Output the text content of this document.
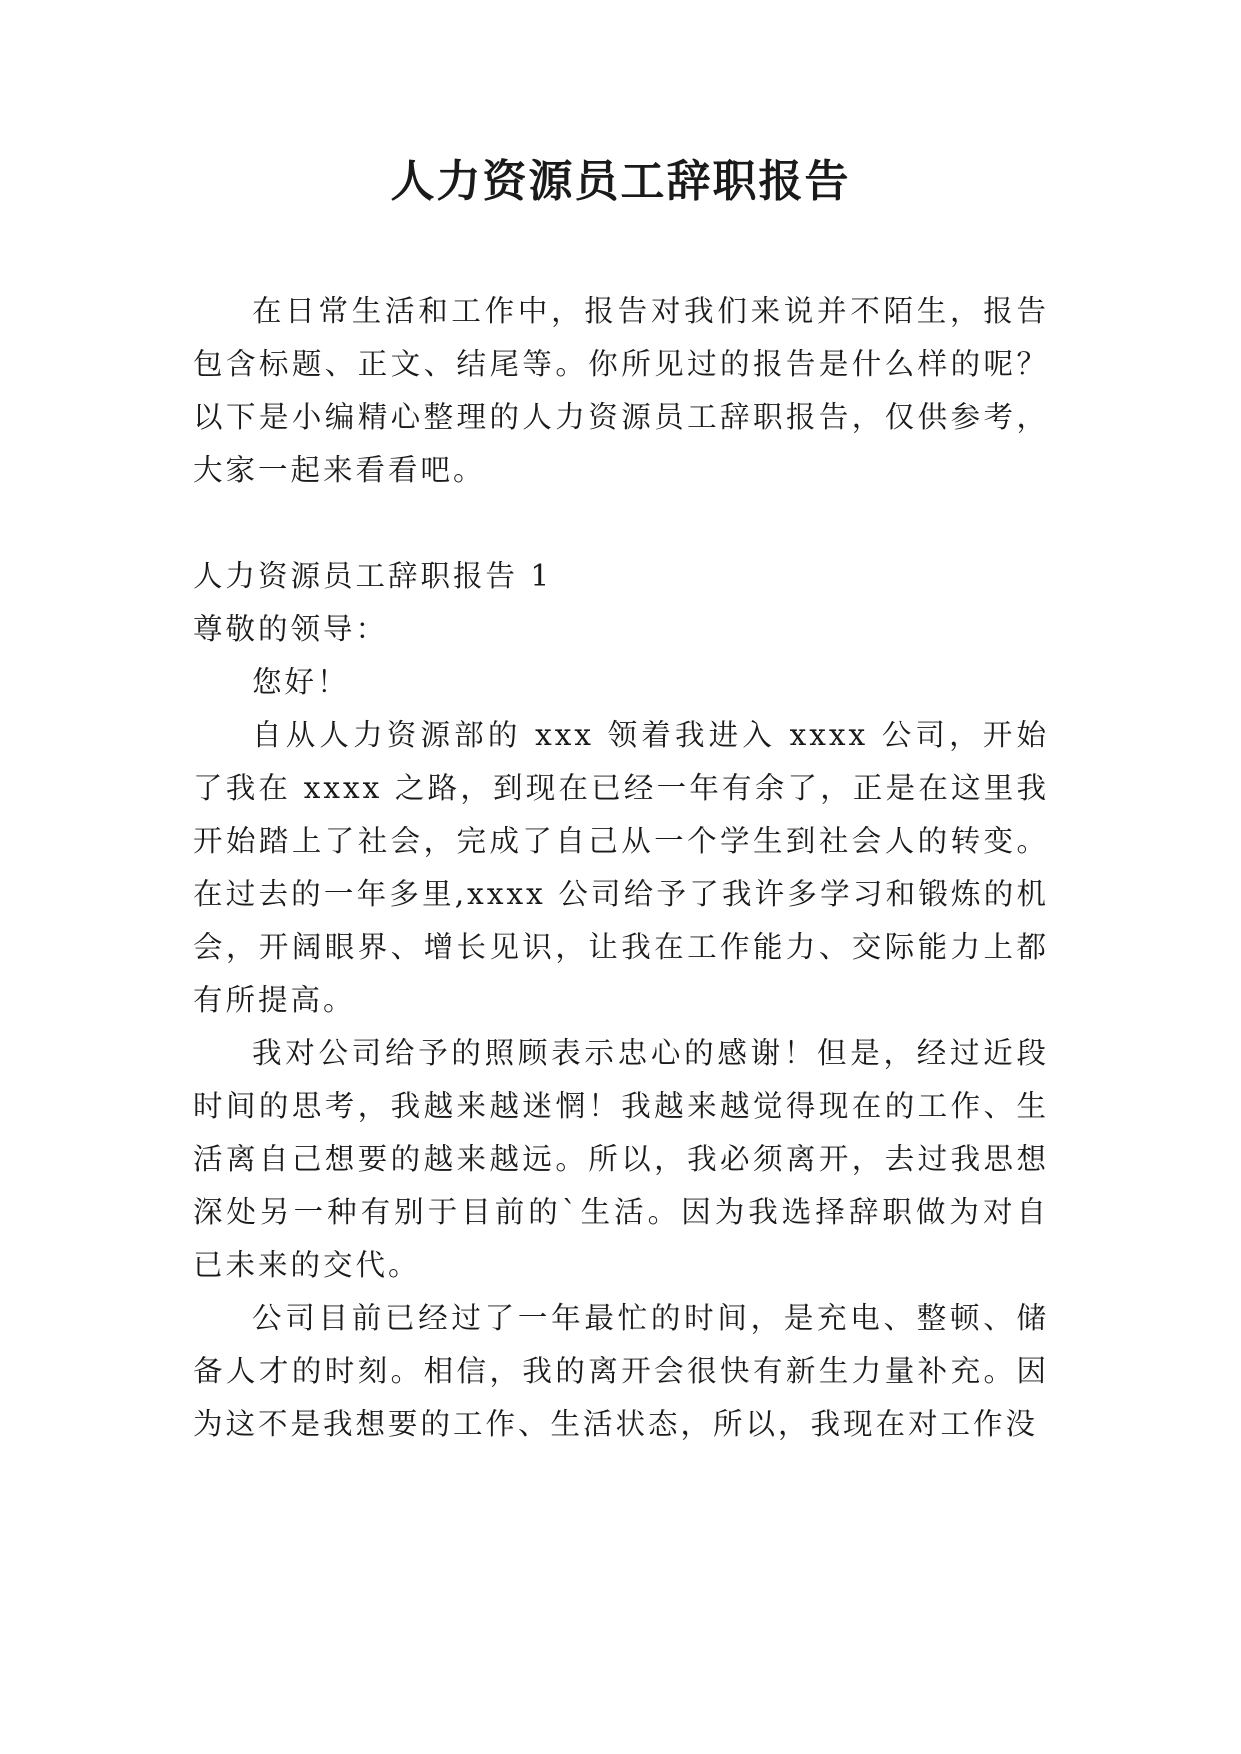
人力资源员工辞职报告

在日常生活和工作中，报告对我们来说并不陌生，报告包含标题、正文、结尾等。你所见过的报告是什么样的呢？以下是小编精心整理的人力资源员工辞职报告，仅供参考，大家一起来看看吧。

人力资源员工辞职报告 1

尊敬的领导：

您好！

自从人力资源部的 xxx 领着我进入 xxxx 公司，开始了我在 xxxx 之路，到现在已经一年有余了，正是在这里我开始踏上了社会，完成了自己从一个学生到社会人的转变。在过去的一年多里,xxxx 公司给予了我许多学习和锻炼的机会，开阔眼界、增长见识，让我在工作能力、交际能力上都有所提高。

我对公司给予的照顾表示忠心的感谢！但是，经过近段时间的思考，我越来越迷惘！我越来越觉得现在的工作、生活离自己想要的越来越远。所以，我必须离开，去过我思想深处另一种有别于目前的`生活。因为我选择辞职做为对自已未来的交代。

公司目前已经过了一年最忙的时间，是充电、整顿、储备人才的时刻。相信，我的离开会很快有新生力量补充。因为这不是我想要的工作、生活状态，所以，我现在对工作没
